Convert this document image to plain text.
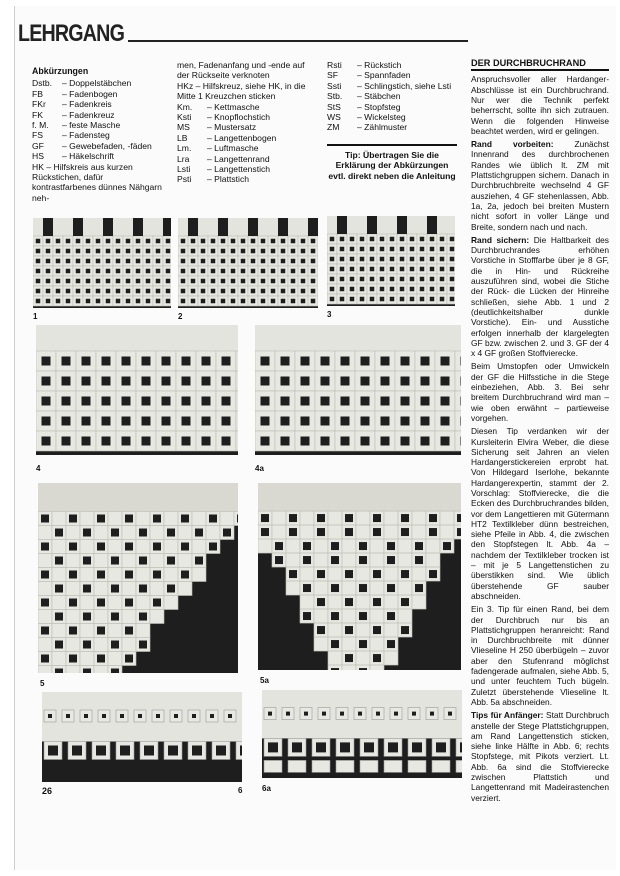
LEHRGANG
Abkürzungen
Dstb.	– Doppelstäbchen
FB	– Fadenbogen
FKr	– Fadenkreis
FK	– Fadenkreuz
f. M.	– feste Masche
FS	– Fadensteg
GF	– Gewebefaden, -fäden
HS	– Häkelschrift
HK – Hilfskreis aus kurzen Rückstichen, dafür kontrastfarbenes dünnes Nähgarn neh-
men, Fadenanfang und -ende auf der Rückseite verknoten
HKz – Hilfskreuz, siehe HK, in die Mitte 1 Kreuzchen sticken
Km.	– Kettmasche
Ksti	– Knopflochstich
MS	– Mustersatz
LB	– Langettenbogen
Lm.	– Luftmasche
Lra	– Langettenrand
Lsti	– Langettenstich
Psti	– Plattstich
Rsti	– Rückstich
SF	– Spannfaden
Ssti	– Schlingstich, siehe Lsti
Stb.	– Stäbchen
StS	– Stopfsteg
WS	– Wickelsteg
ZM	– Zählmuster
Tip: Übertragen Sie die Erklärung der Abkürzungen evtl. direkt neben die Anleitung
DER DURCHBRUCHRAND

Anspruchsvoller aller Hardanger-Abschlüsse ist ein Durchbruchrand. Nur wer die Technik perfekt beherrscht, sollte ihn sich zutrauen. Wenn die folgenden Hinweise beachtet werden, wird er gelingen.

Rand vorbeiten:	Zunächst Innenrand des durchbrochenen Randes wie üblich lt. ZM mit Plattstichgruppen sichern. Danach in Durchbruchbreite wechselnd 4 GF ausziehen, 4 GF stehenlassen, Abb. 1a, 2a, jedoch bei breiten Mustern nicht sofort in voller Länge und Breite, sondern nach und nach.

Rand sichern: Die Haltbarkeit des Durchbruchrandes erhöhen Vorstiche in Stofffarbe über je 8 GF, die in Hin- und Rückreihe auszuführen sind, wobei die Stiche der Rück- die Lücken der Hinreihe schließen, siehe Abb. 1 und 2 (deutlichkeitshalber dunkle Vorstiche). Ein- und Ausstiche erfolgen innerhalb der klargelegten GF bzw. zwischen 2. und 3. GF der 4 x 4 GF großen Stoffvierecke.

Beim Umstopfen oder Umwickeln der GF die Hilfsstiche in die Stege einbeziehen, Abb. 3. Bei sehr breitem Durchbruchrand wird man – wie oben erwähnt – partieweise vorgehen.

Diesen Tip verdanken wir der Kursleiterin Elvira Weber, die diese Sicherung seit Jahren an vielen Hardangerstickereien erprobt hat. Von Hildegard Iserlohe, bekannte Hardangerexpertin, stammt der 2. Vorschlag: Stoffvierecke, die die Ecken des Durchbruchrandes bilden, vor dem Langettieren mit Gütermann HT2 Textilkleber dünn bestreichen, siehe Pfeile in Abb. 4, die zwischen den Stopfstegen lt. Abb. 4a – nachdem der Textilkleber trocken ist – mit je 5 Langettenstichen zu überstikken sind. Wie üblich überstehende GF sauber abschneiden.

Ein 3. Tip für einen Rand, bei dem der Durchbruch nur bis an Plattstichgruppen heranreicht: Rand in Durchbruchbreite mit dünner Vlieseline H 250 überbügeln – zuvor aber den Stufenrand möglichst fadengerade aufmalen, siehe Abb. 5, und unter feuchtem Tuch bügeln. Zuletzt überstehende Vlieseline lt. Abb. 5a abschneiden.

Tips für Anfänger: Statt Durchbruch anstelle der Stege Plattstichgruppen, am Rand Langettenstich sticken, siehe linke Hälfte in Abb. 6; rechts Stopfstege, mit Pikots verziert. Lt. Abb. 6a sind die Stoffvierecke zwischen Plattstich und Langettenrand mit Madeirastenchen verziert.

1	2	3
4	4a
5	5a
6 6a
26
